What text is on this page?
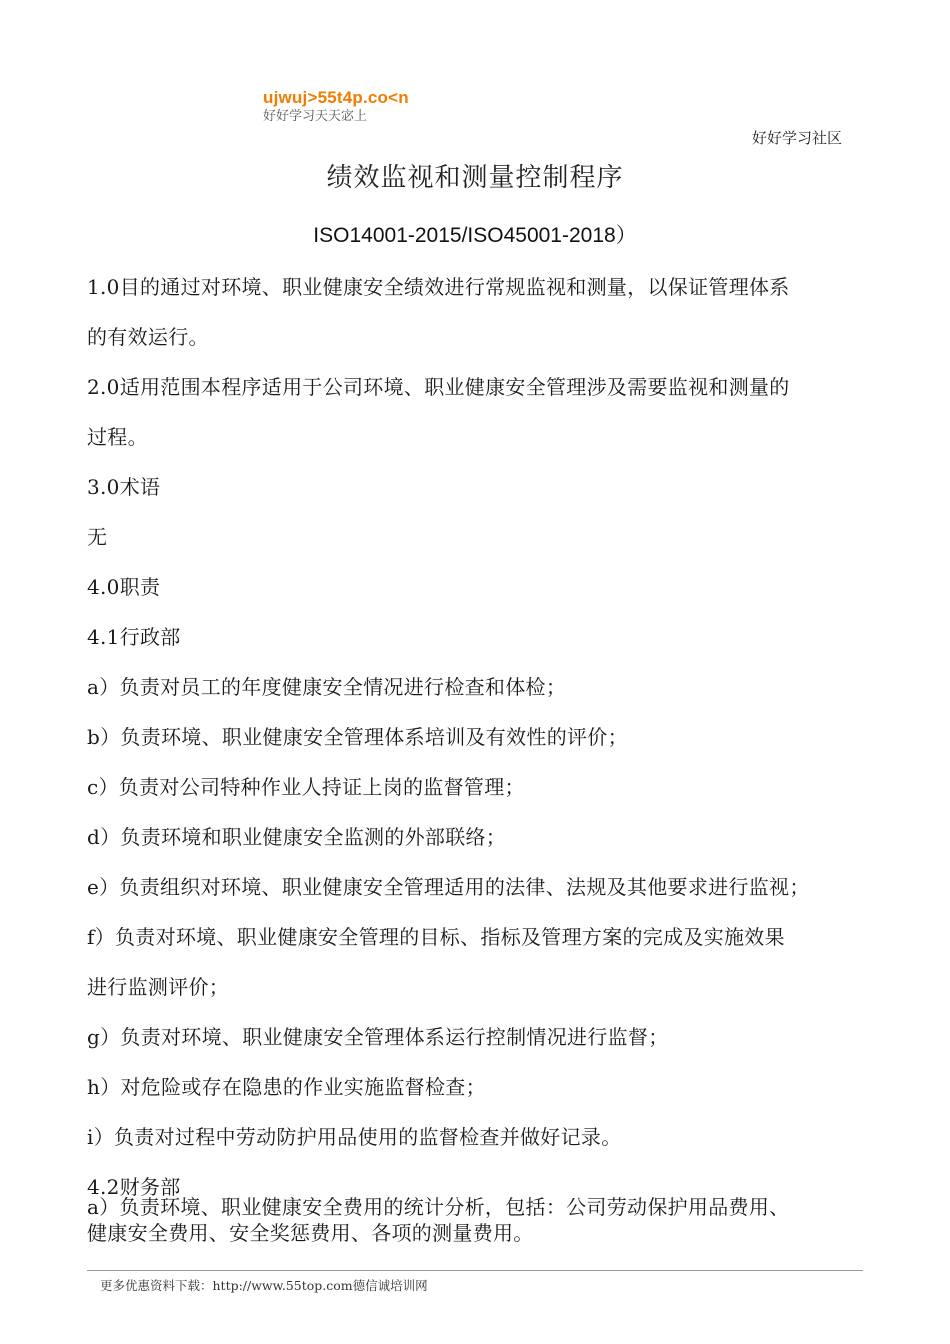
ujwuj>55t4p.co<n
好好学习天天宓上
好好学习社区
绩效监视和测量控制程序
ISO14001-2015/ISO45001-2018）
1.0目的通过对环境、职业健康安全绩效进行常规监视和测量，以保证管理体系
的有效运行。
2.0适用范围本程序适用于公司环境、职业健康安全管理涉及需要监视和测量的
过程。
3.0术语
无
4.0职责
4.1行政部
a）负责对员工的年度健康安全情况进行检查和体检；
b）负责环境、职业健康安全管理体系培训及有效性的评价；
c）负责对公司特种作业人持证上岗的监督管理；
d）负责环境和职业健康安全监测的外部联络；
e）负责组织对环境、职业健康安全管理适用的法律、法规及其他要求进行监视；
f）负责对环境、职业健康安全管理的目标、指标及管理方案的完成及实施效果
进行监测评价；
g）负责对环境、职业健康安全管理体系运行控制情况进行监督；
h）对危险或存在隐患的作业实施监督检查；
i）负责对过程中劳动防护用品使用的监督检查并做好记录。
4.2财务部
a）负责环境、职业健康安全费用的统计分析，包括：公司劳动保护用品费用、
健康安全费用、安全奖惩费用、各项的测量费用。
更多优惠资料下载：http://www.55top.com德信诚培训网
